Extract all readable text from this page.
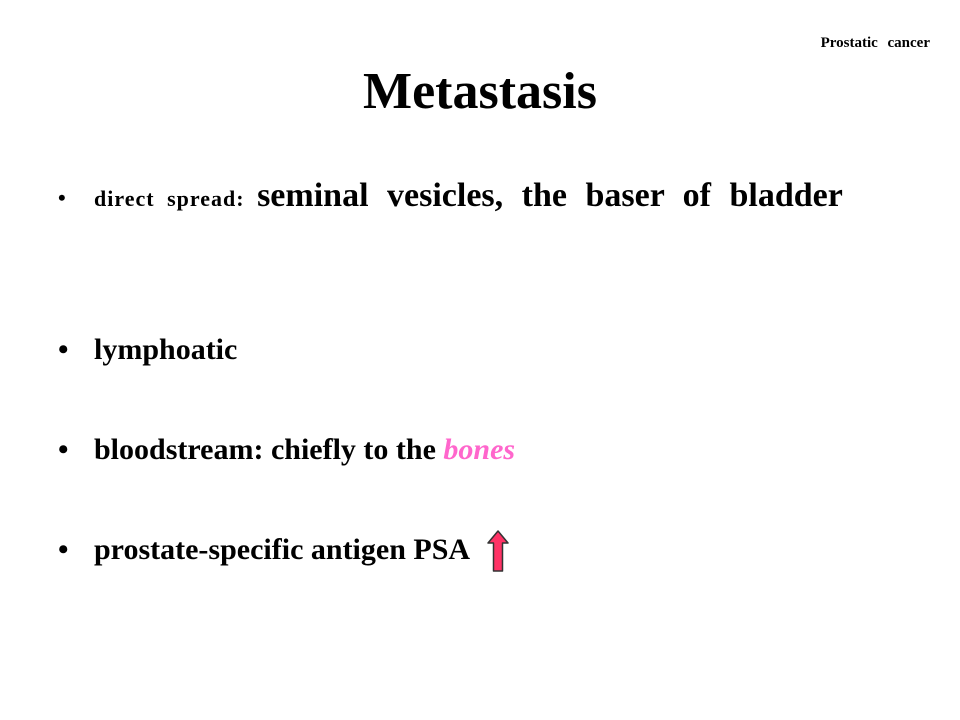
Prostatic cancer
Metastasis
•	direct spread: seminal vesicles, the baser of bladder
• lymphoatic
• bloodstream: chiefly to the bones
• prostate-specific antigen PSA
